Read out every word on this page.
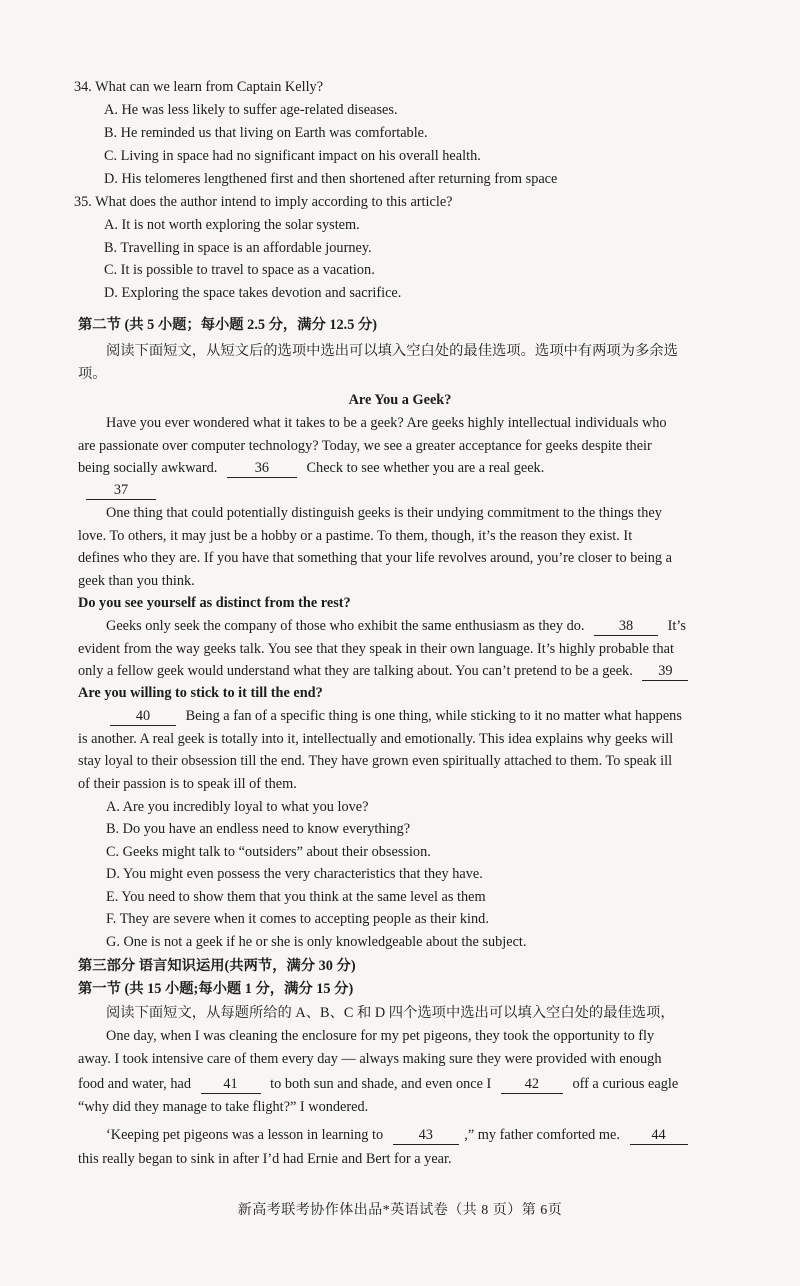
34. What can we learn from Captain Kelly?
A. He was less likely to suffer age-related diseases.
B. He reminded us that living on Earth was comfortable.
C. Living in space had no significant impact on his overall health.
D. His telomeres lengthened first and then shortened after returning from space
35. What does the author intend to imply according to this article?
A. It is not worth exploring the solar system.
B. Travelling in space is an affordable journey.
C. It is possible to travel to space as a vacation.
D. Exploring the space takes devotion and sacrifice.
第二节 (共 5 小题；每小题 2.5 分，满分 12.5 分)
阅读下面短文，从短文后的选项中选出可以填入空白处的最佳选项。选项中有两项为多余选
项。
Are You a Geek?
Have you ever wondered what it takes to be a geek? Are geeks highly intellectual individuals who
are passionate over computer technology? Today, we see a greater acceptance for geeks despite their
being socially awkward.	36	Check to see whether you are a real geek.
37
One thing that could potentially distinguish geeks is their undying commitment to the things they
love. To others, it may just be a hobby or a pastime. To them, though, it’s the reason they exist. It
defines who they are. If you have that something that your life revolves around, you’re closer to being a
geek than you think.
Do you see yourself as distinct from the rest?
Geeks only seek the company of those who exhibit the same enthusiasm as they do. 38 It’s
evident from the way geeks talk. You see that they speak in their own language. It’s highly probable that
only a fellow geek would understand what they are talking about. You can’t pretend to be a geek. 39
Are you willing to stick to it till the end?
40 Being a fan of a specific thing is one thing, while sticking to it no matter what happens
is another. A real geek is totally into it, intellectually and emotionally. This idea explains why geeks will
stay loyal to their obsession till the end. They have grown even spiritually attached to them. To speak ill
of their passion is to speak ill of them.
A. Are you incredibly loyal to what you love?
B. Do you have an endless need to know everything?
C. Geeks might talk to “outsiders” about their obsession.
D. You might even possess the very characteristics that they have.
E. You need to show them that you think at the same level as them
F. They are severe when it comes to accepting people as their kind.
G. One is not a geek if he or she is only knowledgeable about the subject.
第三部分 语言知识运用(共两节，满分 30 分)
第一节 (共 15 小题;每小题 1 分，满分 15 分)
阅读下面短文，从每题所给的 A、B、C 和 D 四个选项中选出可以填入空白处的最佳选项，
One day, when I was cleaning the enclosure for my pet pigeons, they took the opportunity to fly
away. I took intensive care of them every day — always making sure they were provided with enough
food and water, had 41 to both sun and shade, and even once I 42 off a curious eagle
“why did they manage to take flight?” I wondered.
‘Keeping pet pigeons was a lesson in learning to 43 ,” my father comforted me. 44
this really began to sink in after I’d had Ernie and Bert for a year.
新高考联考协作体出品*英语试卷（共 8 页）第 6页
